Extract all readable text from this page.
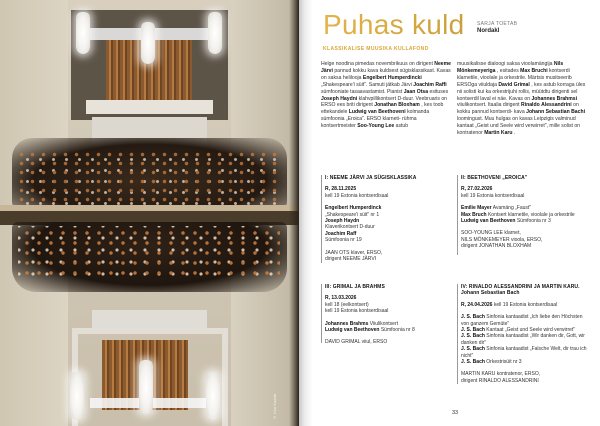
© Kiur Kaasik
Puhas kuld SARJA TOETAB
Nordakl
KLASSIKALISE MUUSIKA KULLAFOND
Helge noodina pimedas novembrikuus on dirigent Neeme Järvi pannud kokku kava kuldsest sügisklassikast. Kavas on saksa helilooja Engelbert Humperdincki „Shakespeare'i süit". Samuti jätkab Järvi Joachim Raffi sümfooniate tasaavastamist. Pianist Jaan Otsa esituses Joseph Haydni klahvpillikontsert D-duur. Veebruaris on ERSO ees briti dirigent Jonathan Bloxham , kes toob ettekandele Ludwig van Beethoveni kolmanda sümfoonia „Eroica". ERSO klarneti- rühma kontsertmeister Soo-Young Lee astub
muusikalisse dialoogi saksa vioolamängija Nils Mönkemeyeriga , esitades Max Bruchi kontserdi klarnetile, vioolale ja orkestrile. Märtsis musitseerib ERSOga viiuldaja David Grimal , kes astub korraga üles nii solisti kui ka orkestrijuhi rollis, müütdtu dirigenti sel kontserdil laval ei näe. Kavas on Johannes Brahmsi viiulikontsert. Itaalia dirigent Rinaldo Alessandrini on kokku pannud kontserdi- kava Johann Sebastian Bachi loomingust. Muu hulgas on kavas Leipzigis valminud kantaat „Geist und Seele wird verwirret", mille solist on kontratenor Martin Karu .
I: NEEME JÄRVI JA SÜGISKLASSIKA
R, 28.11.2025
kell 19 Estonia kontserdisaal
Engelbert Humperdinck
„Shakespeare'i süit" nr 1
Joseph Haydn
Klaverikontsert D-duur
Joachim Raff
Sümfoonia nr 19
JAAN OTS klaver, ERSO,
dirigent NEEME JÄRVI
II: BEETHOVENI „EROICA"
R, 27.02.2026
kell 19 Estonia kontserdisaal
Emilie Mayer Avamäng „Faust"
Max Bruch Kontsert klarnetile, vioolale ja orkestrile
Ludwig van Beethoven Sümfoonia nr 3
SOO-YOUNG LEE klarnet,
NILS MÖNKEMEYER vioola, ERSO,
dirigent JONATHAN BLOXHAM
III: GRIMAL JA BRAHMS
R, 13.03.2026
kell 18 (eelkontsert)
kell 19 Estonia kontserdisaal
Johannes Brahms Viiulikontsert
Ludwig van Beethoven Sümfoonia nr 8
DAVID GRIMAL viiul, ERSO
IV: RINALDO ALESSANDRINI JA MARTIN KARU. Johann Sebastian Bach
R, 24.04.2026 kell 19 Estonia kontserdisaal
J. S. Bach Sinfonia kantaadist „Ich liebe den Höchsten von ganzem Gemüte"
J. S. Bach Kantaat „Geist und Seele wird verwirret"
J. S. Bach Sinfonia kantaadist „Wir danken dir, Gott, wir danken dir"
J. S. Bach Sinfonia kantaadist „Falsche Welt, dir trau ich nicht"
J. S. Bach Orkestrisüit nr 3
MARTIN KARU kontratenor, ERSO,
dirigent RINALDO ALESSANDRINI
33
